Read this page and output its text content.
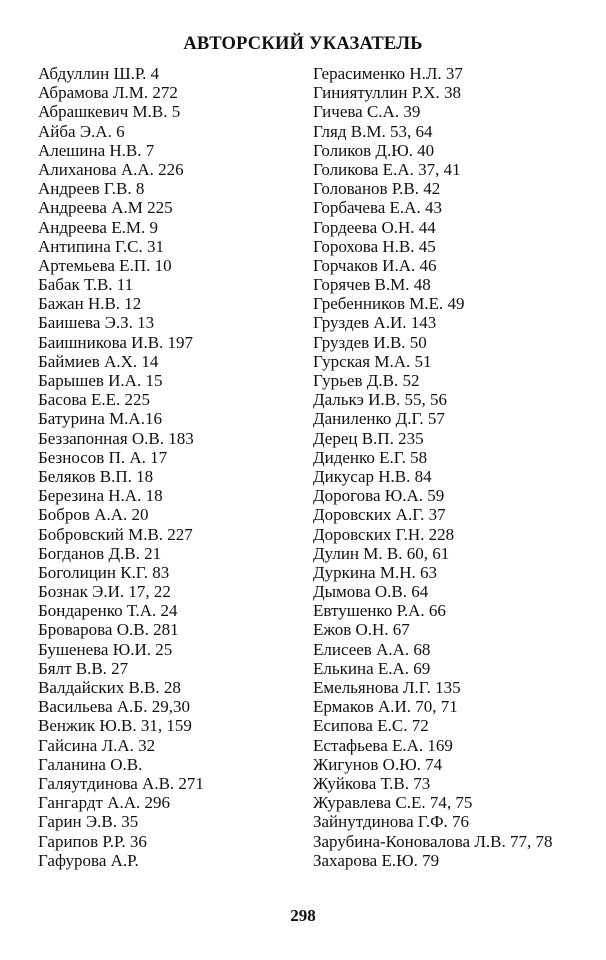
АВТОРСКИЙ УКАЗАТЕЛЬ
Абдуллин Ш.Р. 4
Абрамова Л.М. 272
Абрашкевич М.В. 5
Айба Э.А. 6
Алешина Н.В. 7
Алиханова А.А. 226
Андреев Г.В. 8
Андреева А.М 225
Андреева Е.М. 9
Антипина Г.С. 31
Артемьева Е.П. 10
Бабак Т.В. 11
Бажан Н.В. 12
Баишева Э.З. 13
Баишникова И.В. 197
Баймиев А.Х. 14
Барышев И.А. 15
Басова Е.Е. 225
Батурина М.А.16
Беззапонная О.В. 183
Безносов П. А. 17
Беляков В.П. 18
Березина Н.А. 18
Бобров А.А. 20
Бобровский М.В. 227
Богданов Д.В. 21
Боголицин К.Г. 83
Бознак Э.И. 17, 22
Бондаренко Т.А. 24
Броварова О.В. 281
Бушенева Ю.И. 25
Бялт В.В. 27
Валдайских В.В. 28
Васильева А.Б. 29,30
Венжик Ю.В. 31, 159
Гайсина Л.А. 32
Галанина О.В.
Галяутдинова А.В. 271
Гангардт А.А. 296
Гарин Э.В. 35
Гарипов Р.Р. 36
Гафурова А.Р.
Герасименко Н.Л. 37
Гиниятуллин Р.Х. 38
Гичева С.А. 39
Гляд В.М. 53, 64
Голиков Д.Ю. 40
Голикова Е.А. 37, 41
Голованов Р.В. 42
Горбачева Е.А. 43
Гордеева О.Н. 44
Горохова Н.В. 45
Горчаков И.А. 46
Горячев В.М. 48
Гребенников М.Е. 49
Груздев А.И. 143
Груздев И.В. 50
Гурская М.А. 51
Гурьев Д.В. 52
Далькэ И.В. 55, 56
Даниленко Д.Г. 57
Дерец В.П. 235
Диденко Е.Г. 58
Дикусар Н.В. 84
Дорогова Ю.А. 59
Доровских А.Г. 37
Доровских Г.Н. 228
Дулин М. В. 60, 61
Дуркина М.Н. 63
Дымова О.В. 64
Евтушенко Р.А. 66
Ежов О.Н. 67
Елисеев А.А. 68
Елькина Е.А. 69
Емельянова Л.Г. 135
Ермаков А.И. 70, 71
Есипова Е.С. 72
Естафьева Е.А. 169
Жигунов О.Ю. 74
Жуйкова Т.В. 73
Журавлева С.Е. 74, 75
Зайнутдинова Г.Ф. 76
Зарубина-Коновалова Л.В. 77, 78
Захарова Е.Ю. 79
298
